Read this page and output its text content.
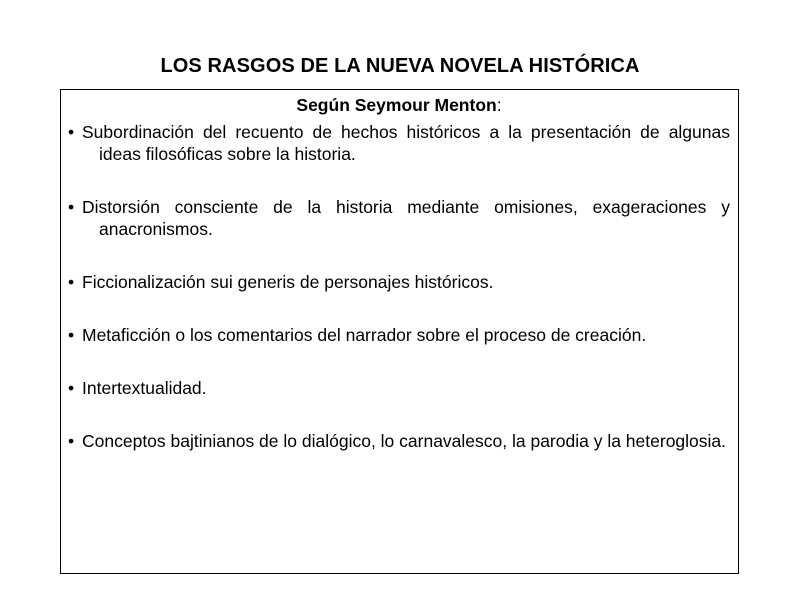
LOS RASGOS DE LA NUEVA NOVELA HISTÓRICA
Según Seymour Menton:
• Subordinación del recuento de hechos históricos a la presentación de algunas ideas filosóficas sobre la historia.
• Distorsión consciente de la historia mediante omisiones, exageraciones y anacronismos.
• Ficcionalización sui generis de personajes históricos.
• Metaficción o los comentarios del narrador sobre el proceso de creación.
• Intertextualidad.
• Conceptos bajtinianos de lo dialógico, lo carnavalesco, la parodia y la heteroglosia.
